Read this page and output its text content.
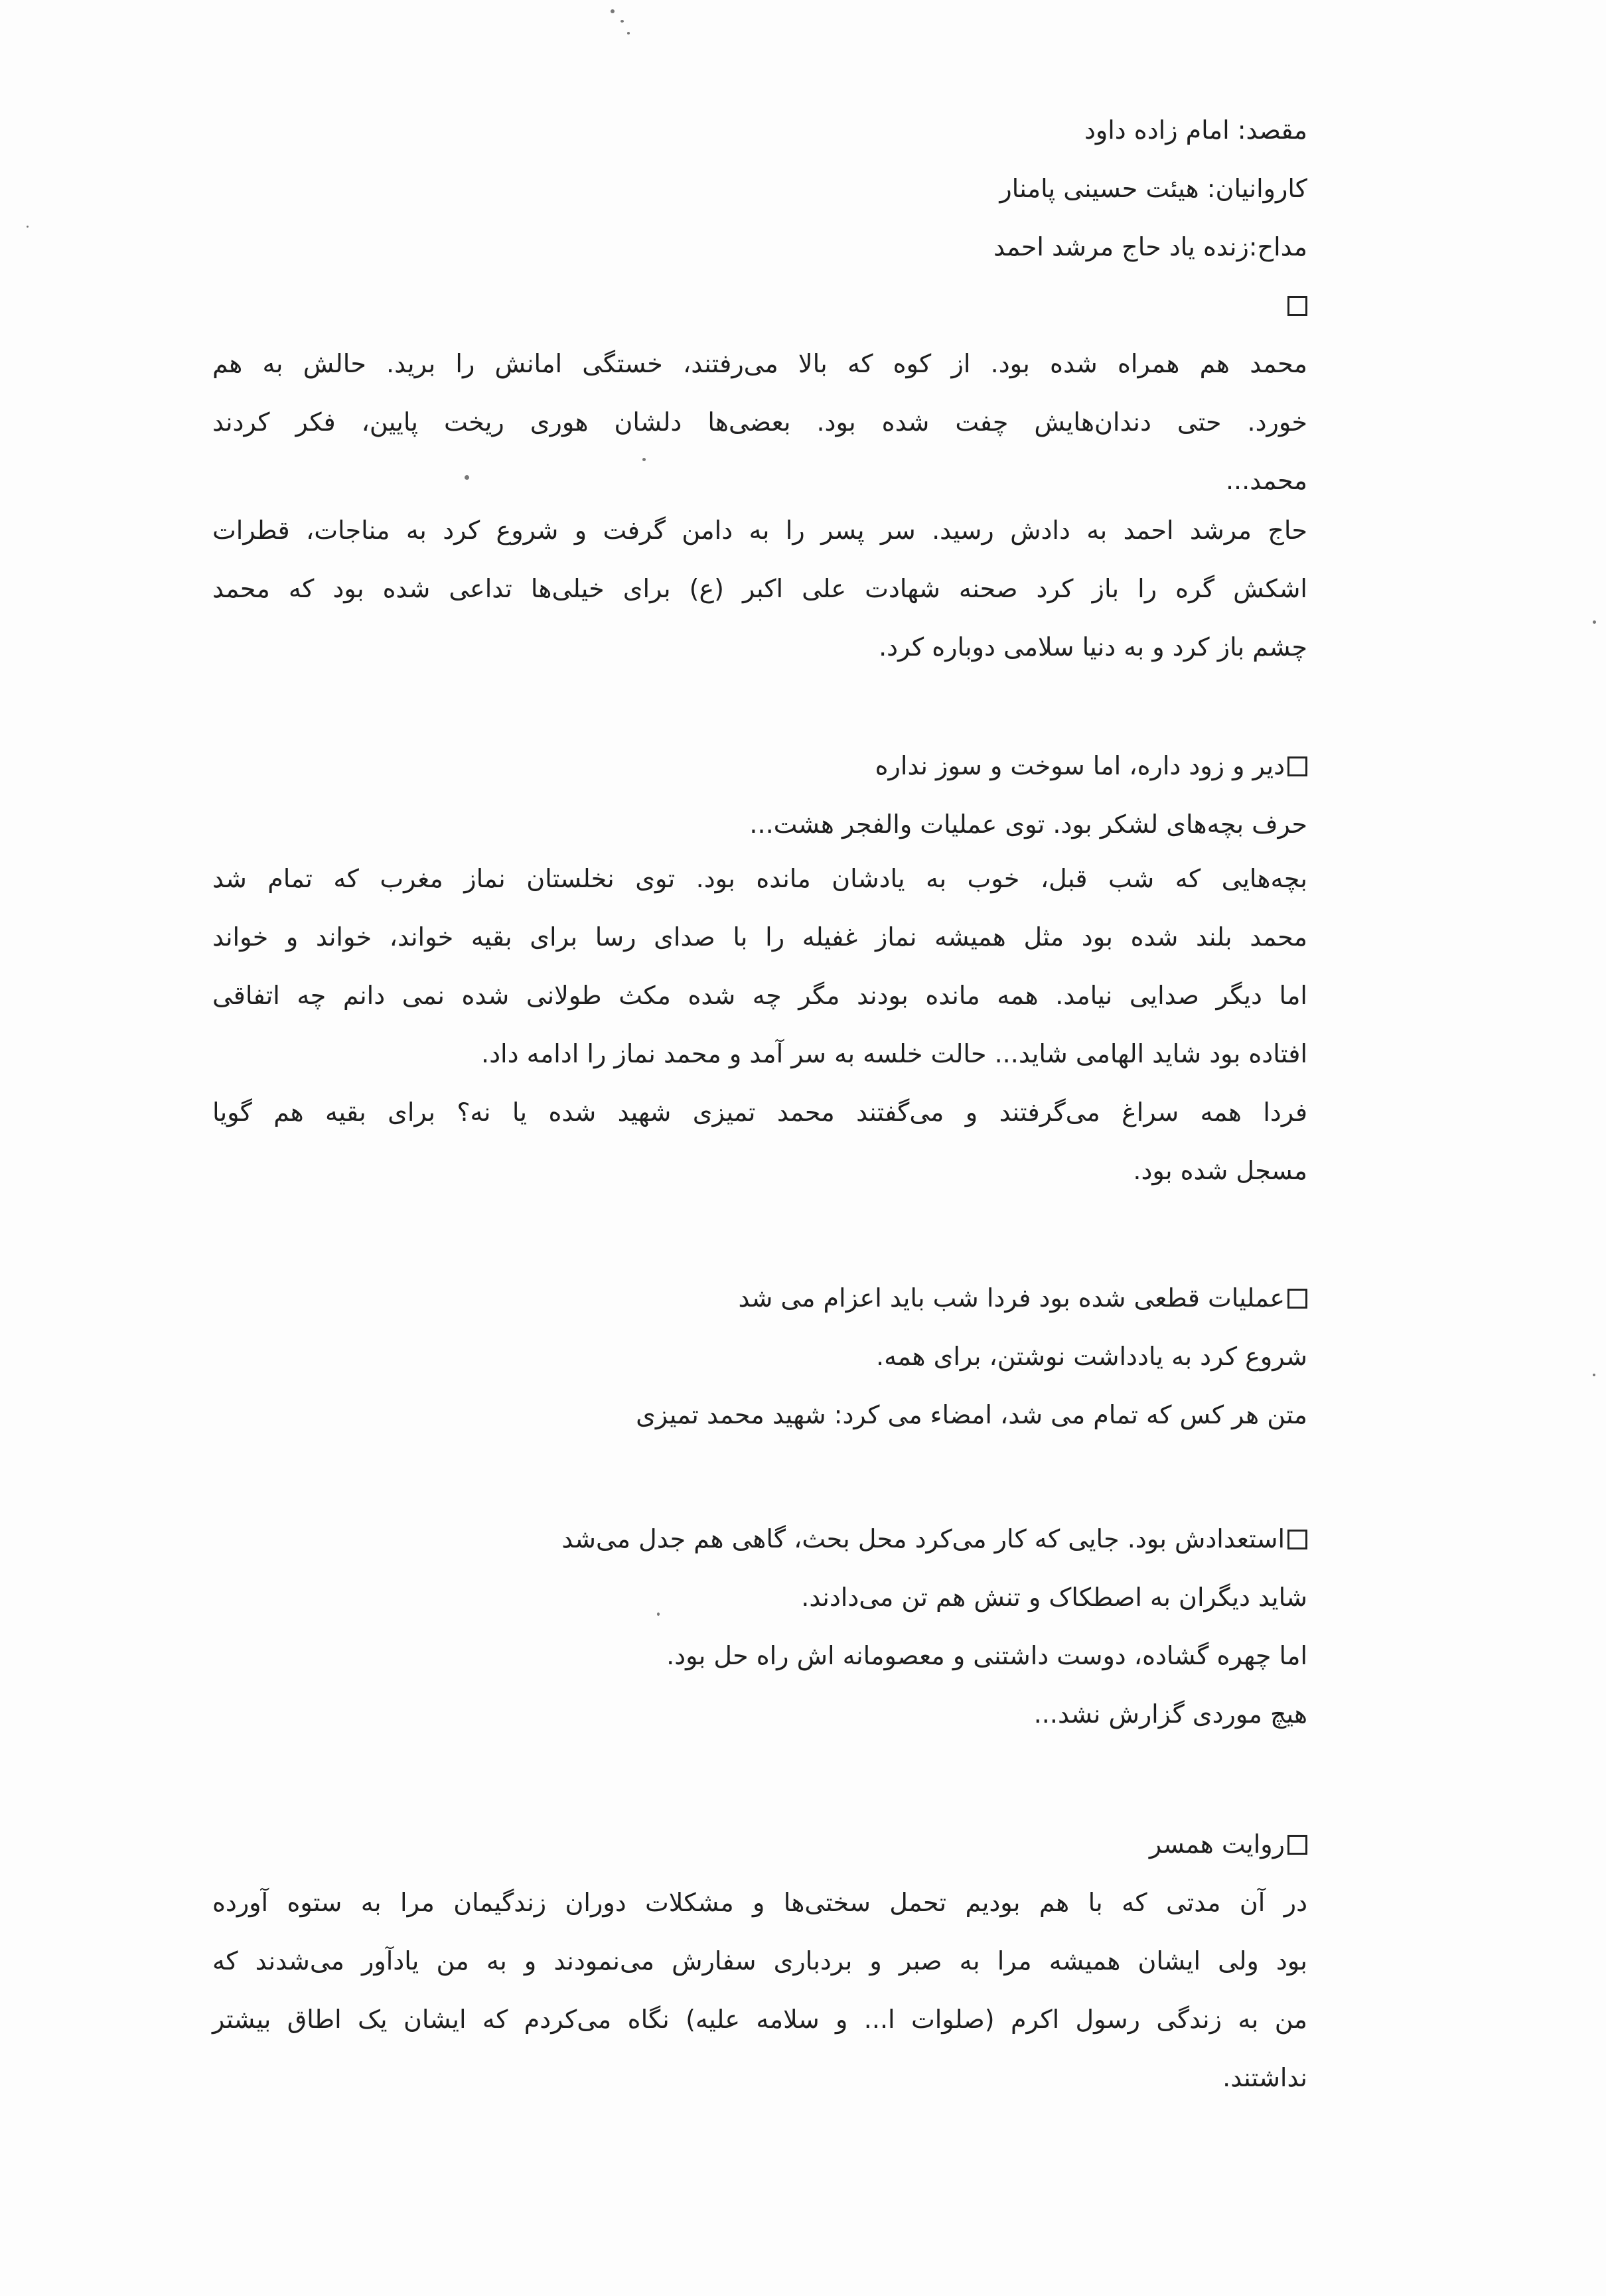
مقصد: امام زاده داود
کاروانیان: هیئت حسینی پامنار
مداح:زنده یاد حاج مرشد احمد
محمد هم همراه شده بود. از کوه که بالا می‌رفتند، خستگی امانش را برید. حالش به هم
خورد. حتی دندان‌هایش چفت شده بود. بعضی‌ها دلشان هوری ریخت پایین، فکر کردند
محمد...
حاج مرشد احمد به دادش رسید. سر پسر را به دامن گرفت و شروع کرد به مناجات، قطرات
اشکش گره را باز کرد صحنه شهادت علی اکبر (ع) برای خیلی‌ها تداعی شده بود که محمد
چشم باز کرد و به دنیا سلامی دوباره کرد.
دیر و زود داره، اما سوخت و سوز نداره
حرف بچه‌های لشکر بود. توی عملیات والفجر هشت...
بچه‌هایی که شب قبل، خوب به یادشان مانده بود. توی نخلستان نماز مغرب که تمام شد
محمد بلند شده بود مثل همیشه نماز غفیله را با صدای رسا برای بقیه خواند، خواند و خواند
اما دیگر صدایی نیامد. همه مانده بودند مگر چه شده مکث طولانی شده نمی دانم چه اتفاقی
افتاده بود شاید الهامی شاید... حالت خلسه به سر آمد و محمد نماز را ادامه داد.
فردا همه سراغ می‌گرفتند و می‌گفتند محمد تمیزی شهید شده یا نه؟ برای بقیه هم گویا
مسجل شده بود.
عملیات قطعی شده بود فردا شب باید اعزام می شد
شروع کرد به یادداشت نوشتن، برای همه.
متن هر کس که تمام می شد، امضاء می کرد: شهید محمد تمیزی
استعدادش بود. جایی که کار می‌کرد محل بحث، گاهی هم جدل می‌شد
شاید دیگران به اصطکاک و تنش هم تن می‌دادند.
اما چهره گشاده، دوست داشتنی و معصومانه اش راه حل بود.
هیچ موردی گزارش نشد...
روایت همسر
در آن مدتی که با هم بودیم تحمل سختی‌ها و مشکلات دوران زندگیمان مرا به ستوه آورده
بود ولی ایشان همیشه مرا به صبر و بردباری سفارش می‌نمودند و به من یادآور می‌شدند که
من به زندگی رسول اکرم (صلوات ا... و سلامه علیه) نگاه می‌کردم که ایشان یک اطاق بیشتر
نداشتند.
